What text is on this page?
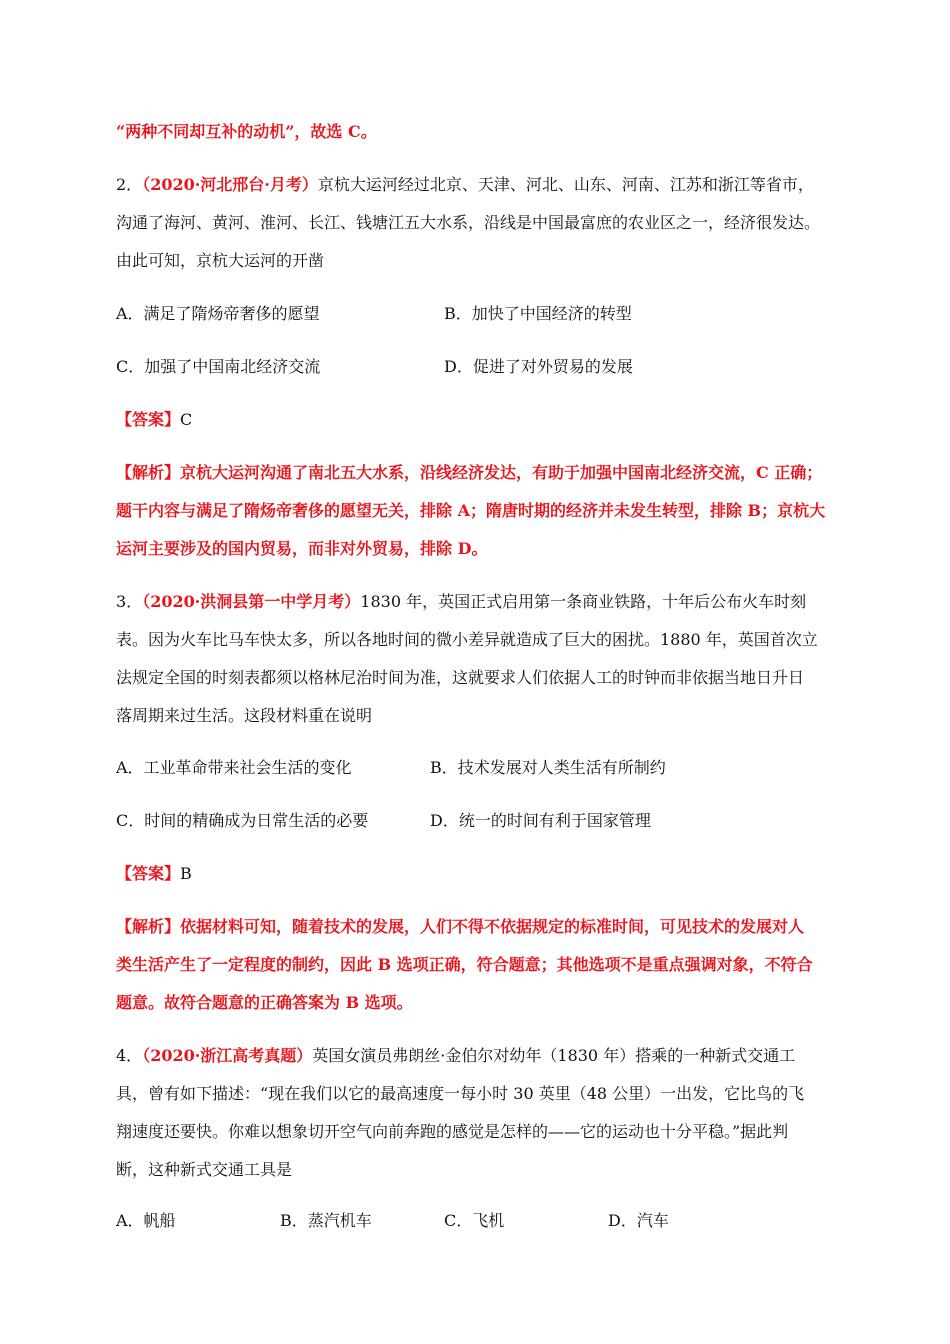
“两种不同却互补的动机”，故选 C。
2．（2020·河北邢台·月考）京杭大运河经过北京、天津、河北、山东、河南、江苏和浙江等省市，
沟通了海河、黄河、淮河、长江、钱塘江五大水系，沿线是中国最富庶的农业区之一，经济很发达。
由此可知，京杭大运河的开凿
A．满足了隋炀帝奢侈的愿望	B．加快了中国经济的转型
C．加强了中国南北经济交流	D．促进了对外贸易的发展
【答案】C
【解析】京杭大运河沟通了南北五大水系，沿线经济发达，有助于加强中国南北经济交流，C 正确；
题干内容与满足了隋炀帝奢侈的愿望无关，排除 A；隋唐时期的经济并未发生转型，排除 B；京杭大
运河主要涉及的国内贸易，而非对外贸易，排除 D。
3．（2020·洪洞县第一中学月考）1830 年，英国正式启用第一条商业铁路，十年后公布火车时刻
表。因为火车比马车快太多，所以各地时间的微小差异就造成了巨大的困扰。1880 年，英国首次立
法规定全国的时刻表都须以格林尼治时间为准，这就要求人们依据人工的时钟而非依据当地日升日
落周期来过生活。这段材料重在说明
A．工业革命带来社会生活的变化	B．技术发展对人类生活有所制约
C．时间的精确成为日常生活的必要	D．统一的时间有利于国家管理
【答案】B
【解析】依据材料可知，随着技术的发展，人们不得不依据规定的标准时间，可见技术的发展对人
类生活产生了一定程度的制约，因此 B 选项正确，符合题意；其他选项不是重点强调对象，不符合
题意。故符合题意的正确答案为 B 选项。
4．（2020·浙江高考真题）英国女演员弗朗丝·金伯尔对幼年（1830 年）搭乘的一种新式交通工
具，曾有如下描述：“现在我们以它的最高速度一每小时 30 英里（48 公里）一出发，它比鸟的飞
翔速度还要快。你难以想象切开空气向前奔跑的感觉是怎样的——它的运动也十分平稳。”据此判
断，这种新式交通工具是
A．帆船	B．蒸汽机车	C．飞机	D．汽车
